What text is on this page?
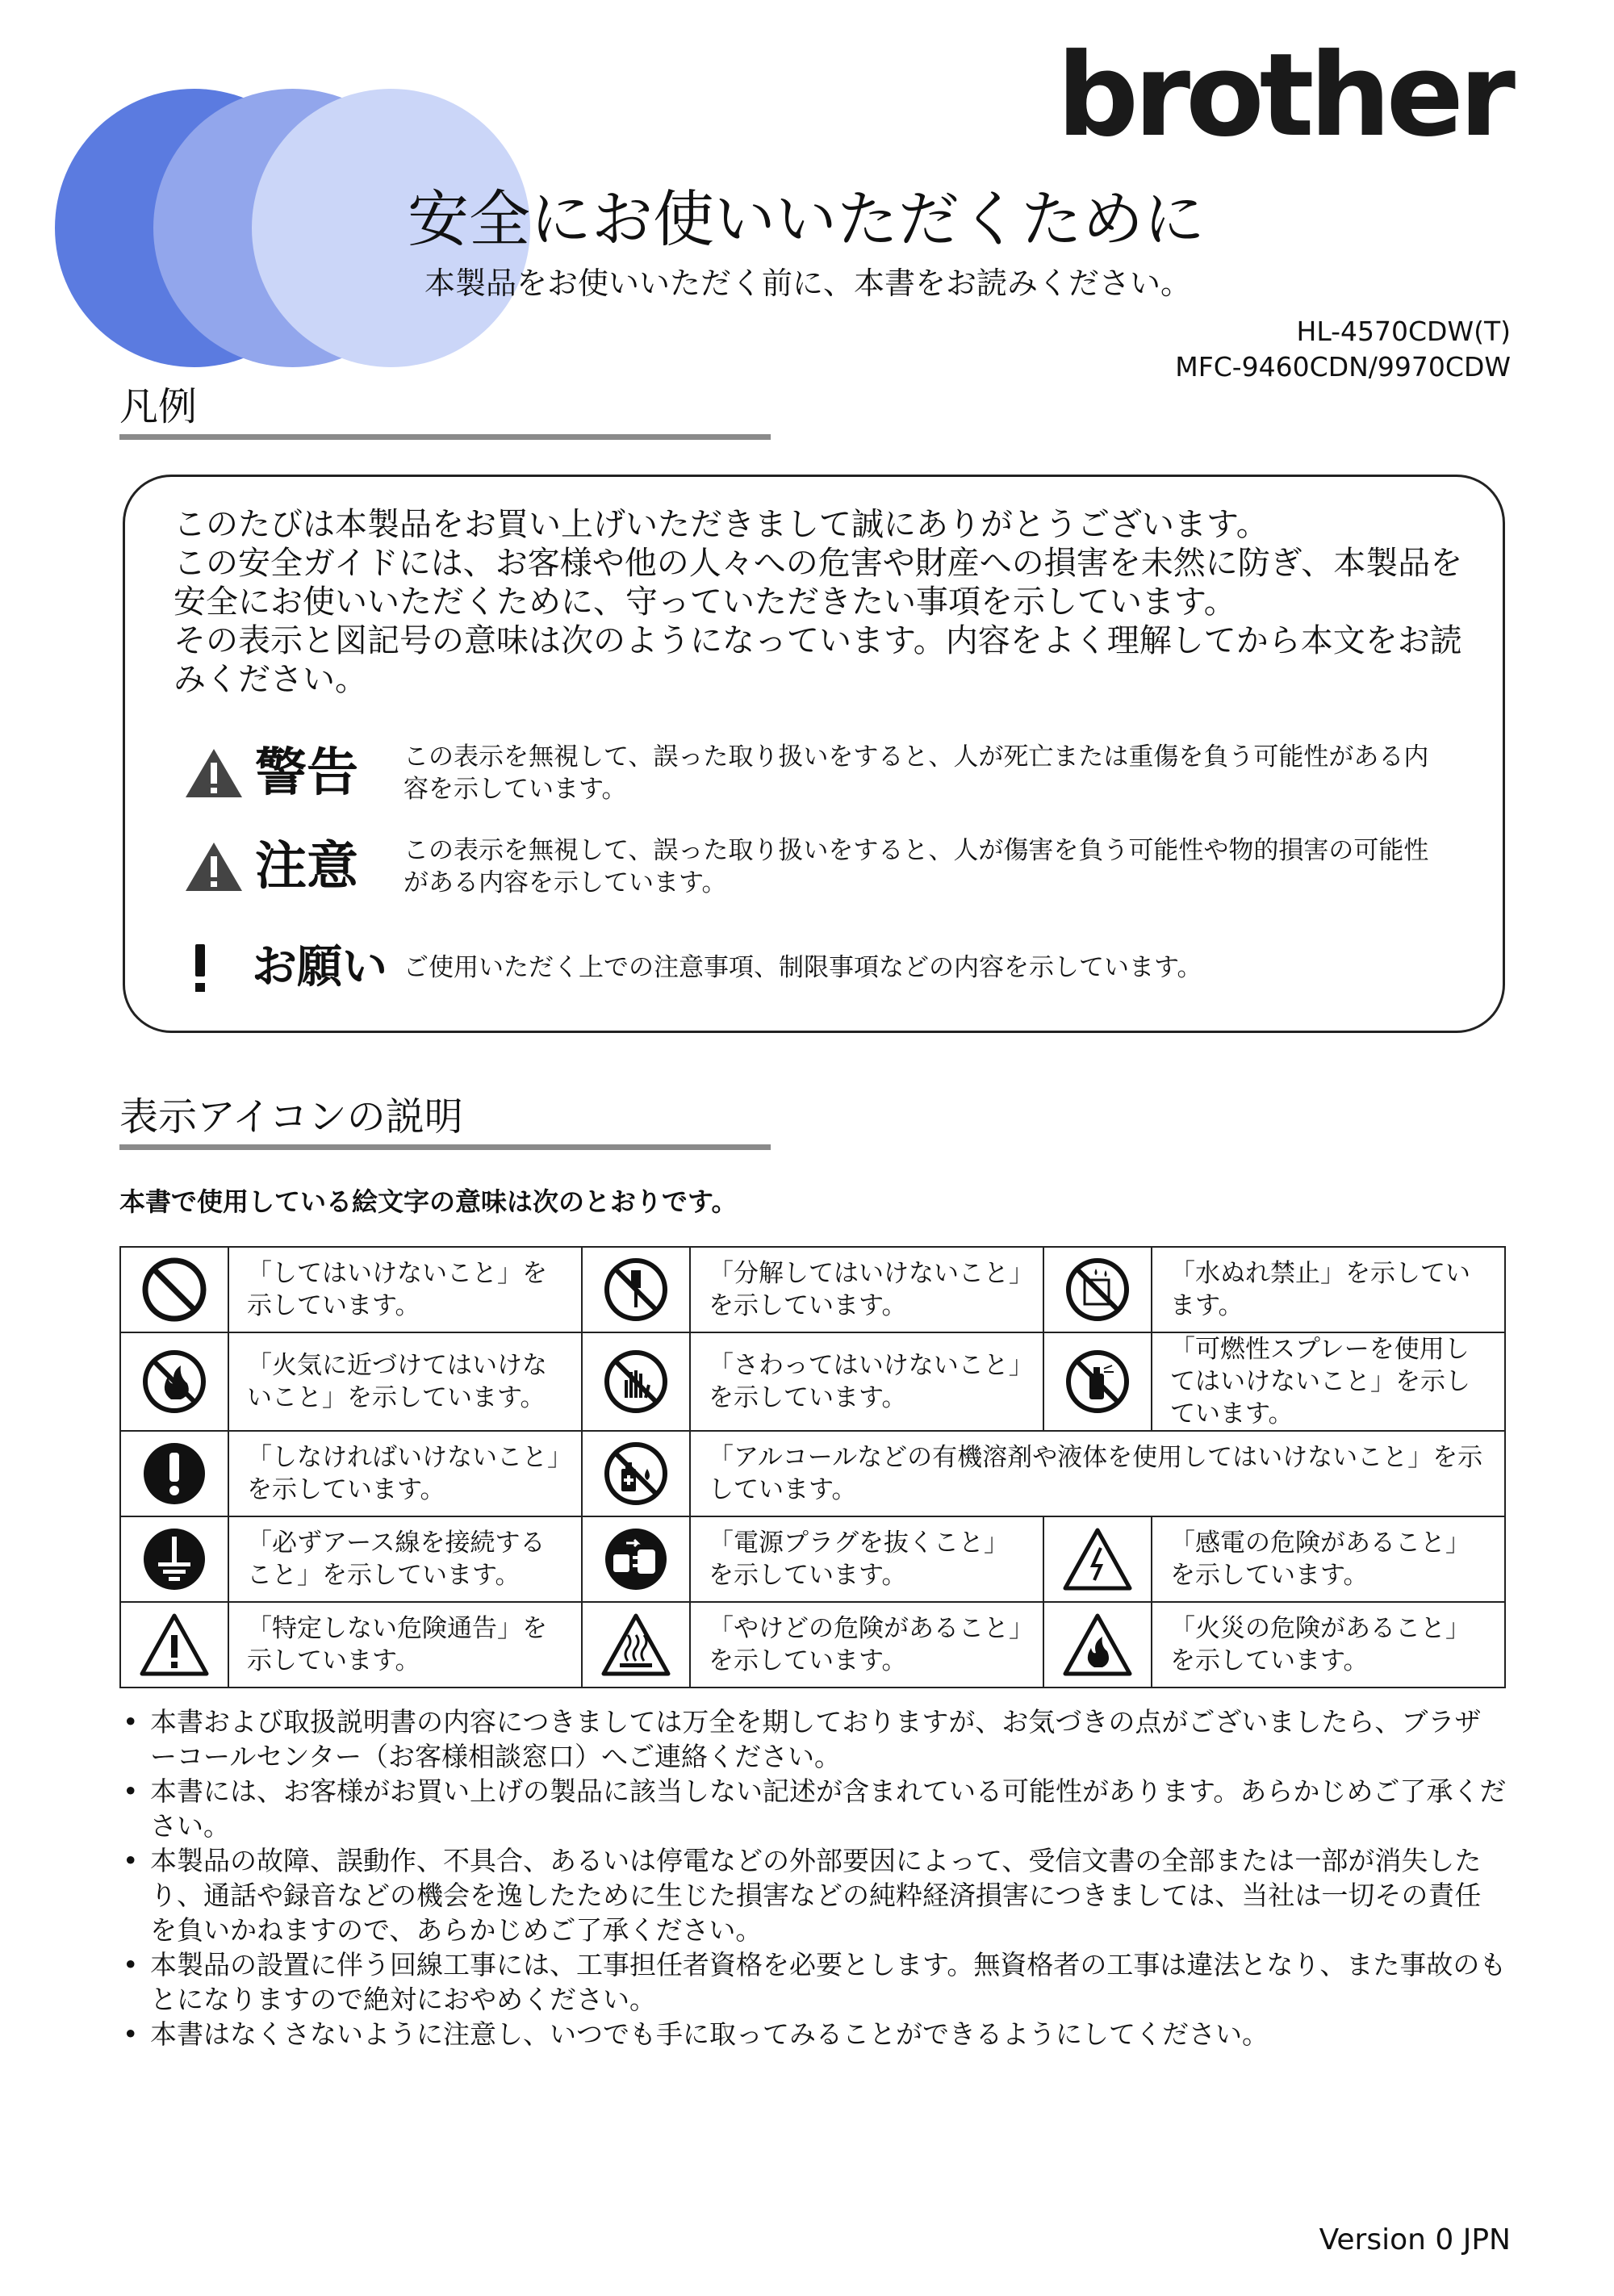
brother
安全にお使いいただくために
本製品をお使いいただく前に、本書をお読みください。
HL-4570CDW(T)
MFC-9460CDN/9970CDW
凡例

このたびは本製品をお買い上げいただきまして誠にありがとうございます。

この安全ガイドには、お客様や他の人々への危害や財産への損害を未然に防ぎ、本製品を安全にお使いいただくために、守っていただきたい事項を示しています。

その表示と図記号の意味は次のようになっています。内容をよく理解してから本文をお読みください。

警告 この表示を無視して、誤った取り扱いをすると、人が死亡または重傷を負う可能性がある内容を示しています。
注意 この表示を無視して、誤った取り扱いをすると、人が傷害を負う可能性や物的損害の可能性がある内容を示しています。
お願い ご使用いただく上での注意事項、制限事項などの内容を示しています。
表示アイコンの説明
本書で使用している絵文字の意味は次のとおりです。
	「してはいけないこと」を示しています。		「分解してはいけないこと」を示しています。		「水ぬれ禁止」を示しています。

	「火気に近づけてはいけないこと」を示しています。		「さわってはいけないこと」を示しています。		「可燃性スプレーを使用してはいけないこと」を示しています。

	「しなければいけないこと」を示しています。		「アルコールなどの有機溶剤や液体を使用してはいけないこと」を示しています。		

	「必ずアース線を接続すること」を示しています。		「電源プラグを抜くこと」を示しています。		「感電の危険があること」を示しています。

	「特定しない危険通告」を示しています。		「やけどの危険があること」を示しています。		「火災の危険があること」を示しています。
• 本書および取扱説明書の内容につきましては万全を期しておりますが、お気づきの点がございましたら、ブラザーコールセンター（お客様相談窓口）へご連絡ください。
• 本書には、お客様がお買い上げの製品に該当しない記述が含まれている可能性があります。あらかじめご了承ください。
• 本製品の故障、誤動作、不具合、あるいは停電などの外部要因によって、受信文書の全部または一部が消失したり、通話や録音などの機会を逸したために生じた損害などの純粋経済損害につきましては、当社は一切その責任を負いかねますので、あらかじめご了承ください。
• 本製品の設置に伴う回線工事には、工事担任者資格を必要とします。無資格者の工事は違法となり、また事故のもとになりますので絶対におやめください。
• 本書はなくさないように注意し、いつでも手に取ってみることができるようにしてください。
Version 0 JPN
